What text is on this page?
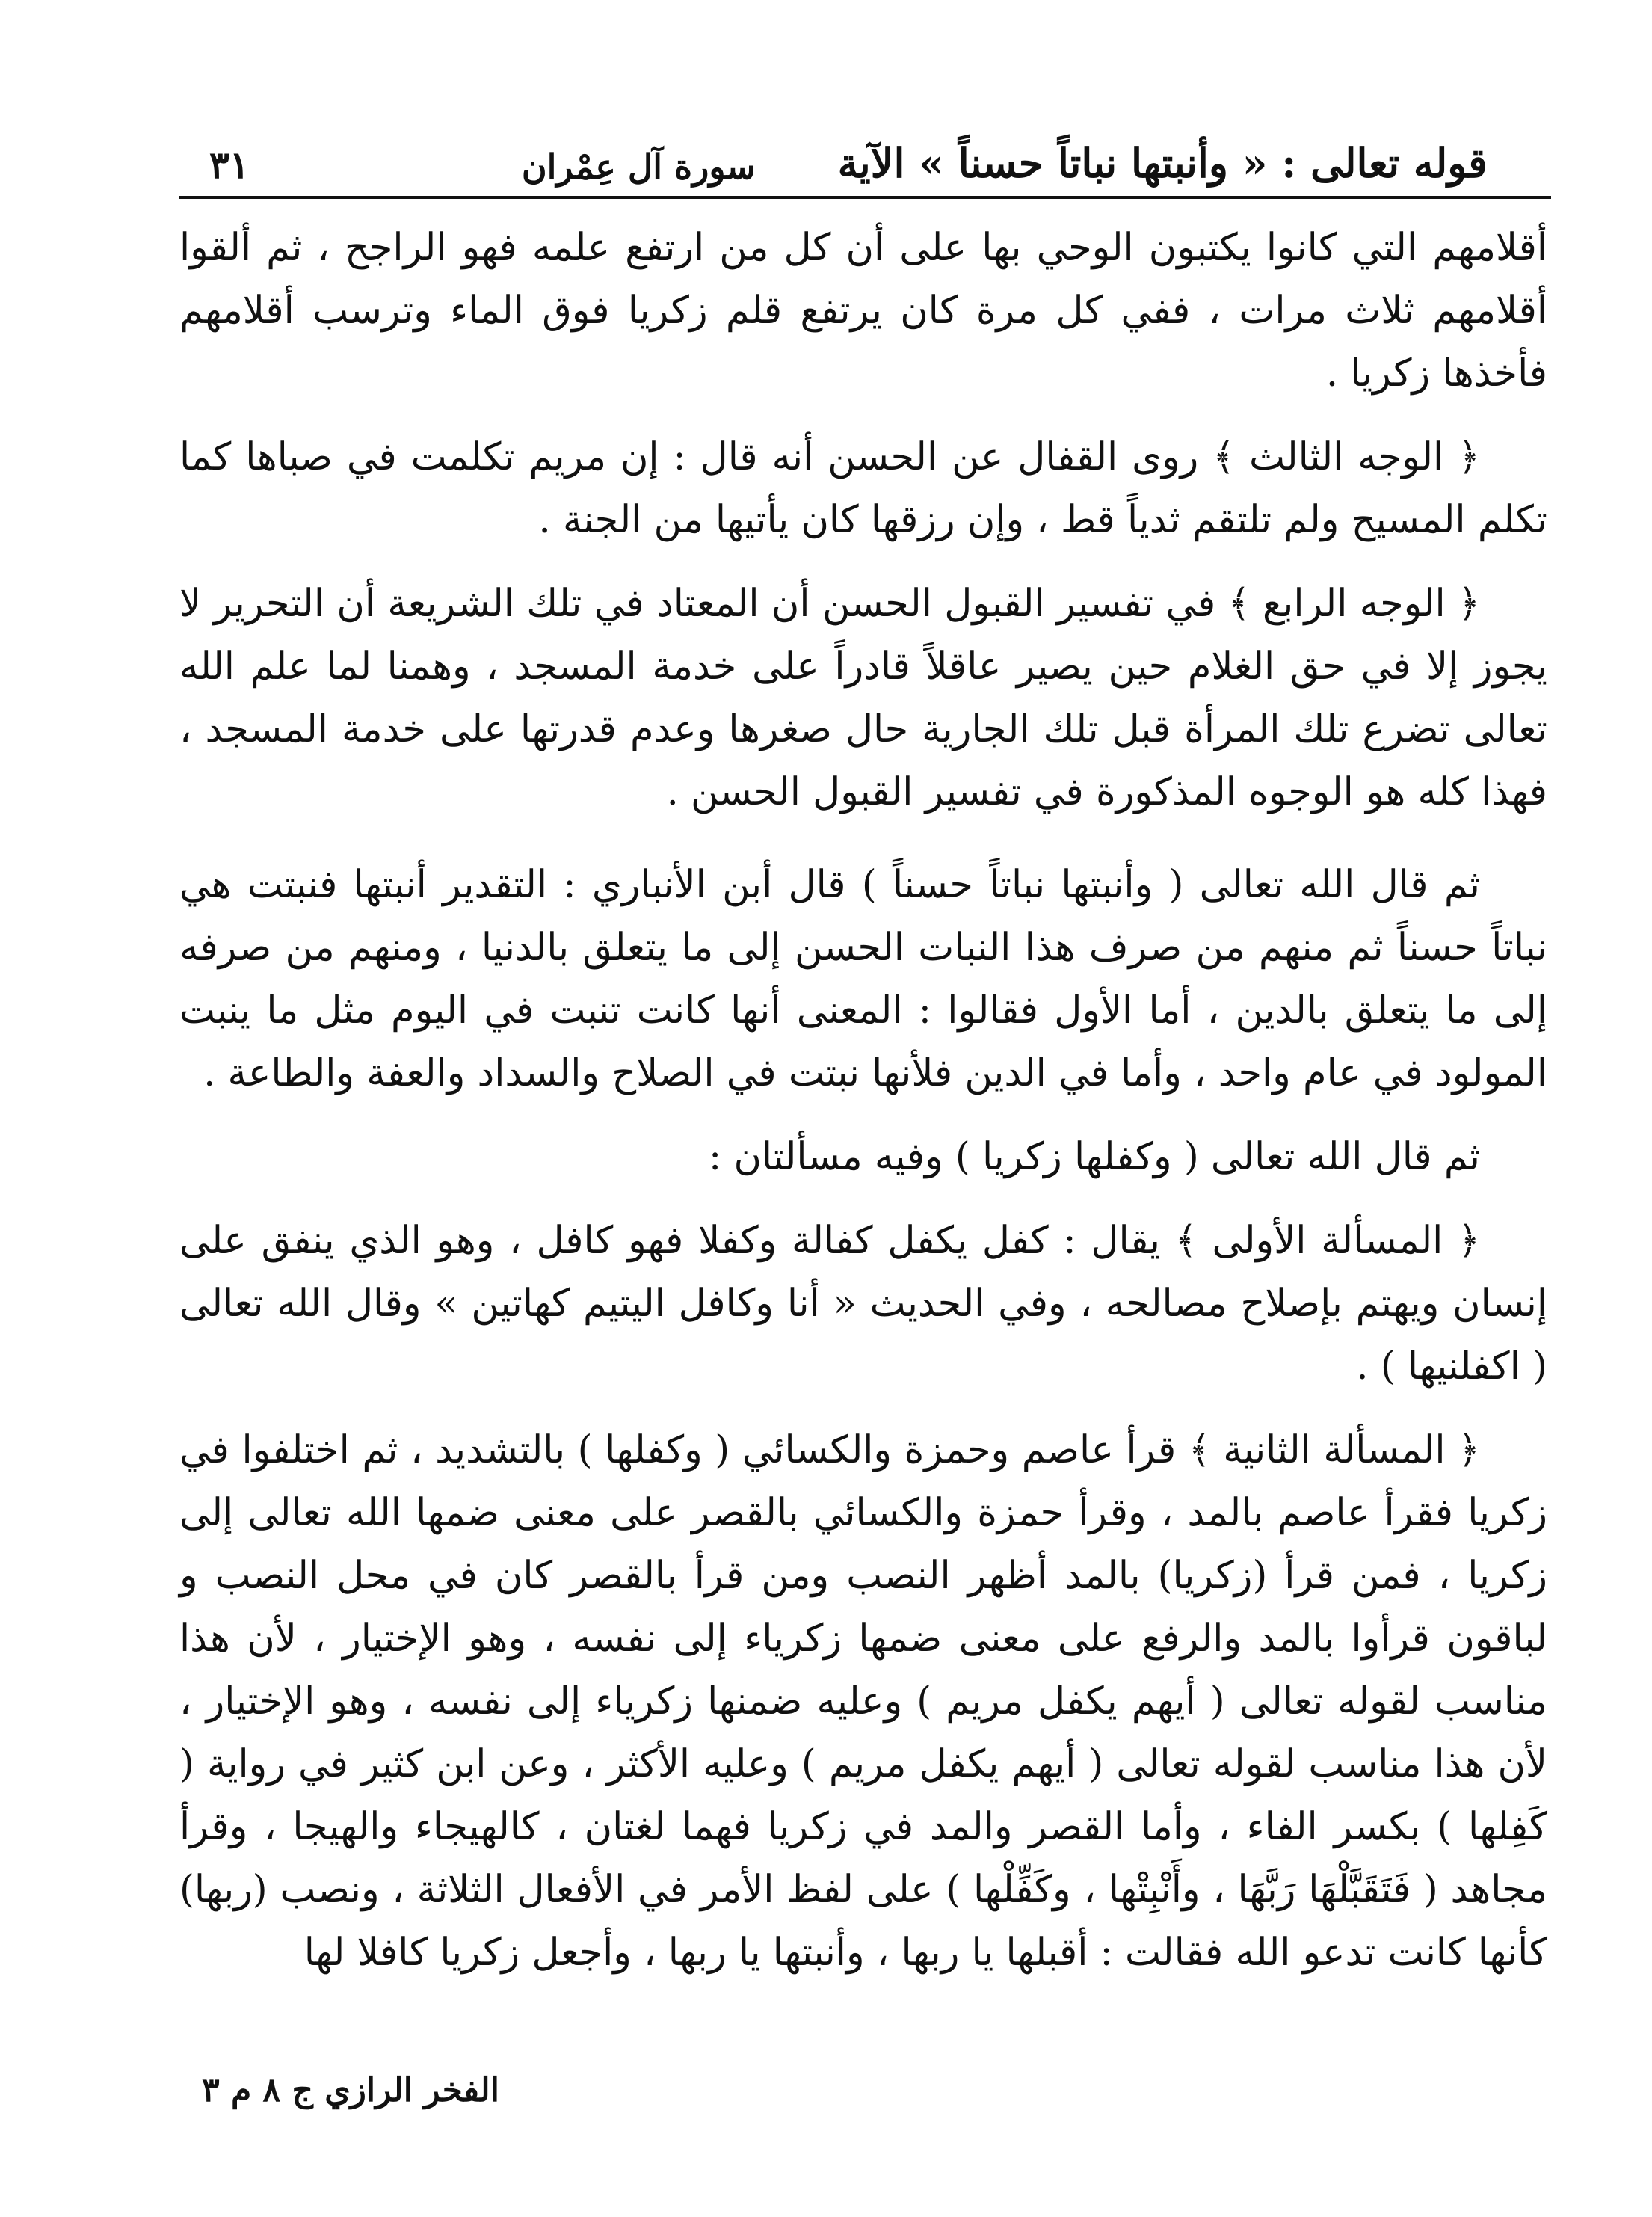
قوله تعالى : « وأنبتها نباتاً حسناً » الآية
سورة آل عِمْران
٣١

أقلامهم التي كانوا يكتبون الوحي بها على أن كل من ارتفع علمه فهو الراجح ، ثم ألقوا أقلامهم ثلاث مرات ، ففي كل مرة كان يرتفع قلم زكريا فوق الماء وترسب أقلامهم فأخذها زكريا .

﴿ الوجه الثالث ﴾ روى القفال عن الحسن أنه قال : إن مريم تكلمت في صباها كما تكلم المسيح ولم تلتقم ثدياً قط ، وإن رزقها كان يأتيها من الجنة .

﴿ الوجه الرابع ﴾ في تفسير القبول الحسن أن المعتاد في تلك الشريعة أن التحرير لا يجوز إلا في حق الغلام حين يصير عاقلاً قادراً على خدمة المسجد ، وهمنا لما علم الله تعالى تضرع تلك المرأة قبل تلك الجارية حال صغرها وعدم قدرتها على خدمة المسجد ، فهذا كله هو الوجوه المذكورة في تفسير القبول الحسن .

ثم قال الله تعالى ( وأنبتها نباتاً حسناً ) قال أبن الأنباري : التقدير أنبتها فنبتت هي نباتاً حسناً ثم منهم من صرف هذا النبات الحسن إلى ما يتعلق بالدنيا ، ومنهم من صرفه إلى ما يتعلق بالدين ، أما الأول فقالوا : المعنى أنها كانت تنبت في اليوم مثل ما ينبت المولود في عام واحد ، وأما في الدين فلأنها نبتت في الصلاح والسداد والعفة والطاعة .

ثم قال الله تعالى ( وكفلها زكريا ) وفيه مسألتان :

﴿ المسألة الأولى ﴾ يقال : كفل يكفل كفالة وكفلا فهو كافل ، وهو الذي ينفق على إنسان ويهتم بإصلاح مصالحه ، وفي الحديث « أنا وكافل اليتيم كهاتين » وقال الله تعالى ( اكفلنيها ) .

﴿ المسألة الثانية ﴾ قرأ عاصم وحمزة والكسائي ( وكفلها ) بالتشديد ، ثم اختلفوا في زكريا فقرأ عاصم بالمد ، وقرأ حمزة والكسائي بالقصر على معنى ضمها الله تعالى إلى زكريا ، فمن قرأ (زكريا) بالمد أظهر النصب ومن قرأ بالقصر كان في محل النصب و لباقون قرأوا بالمد والرفع على معنى ضمها زكرياء إلى نفسه ، وهو الإختيار ، لأن هذا مناسب لقوله تعالى ( أيهم يكفل مريم ) وعليه ضمنها زكرياء إلى نفسه ، وهو الإختيار ، لأن هذا مناسب لقوله تعالى ( أيهم يكفل مريم ) وعليه الأكثر ، وعن ابن كثير في رواية ( كَفِلها ) بكسر الفاء ، وأما القصر والمد في زكريا فهما لغتان ، كالهيجاء والهيجا ، وقرأ مجاهد ( فَتَقَبَّلْهَا رَبَّهَا ، وأَنْبِتْها ، وكَفِّلْها ) على لفظ الأمر في الأفعال الثلاثة ، ونصب (ربها) كأنها كانت تدعو الله فقالت : أقبلها يا ربها ، وأنبتها يا ربها ، وأجعل زكريا كافلا لها

الفخر الرازي ج ٨ م ٣
